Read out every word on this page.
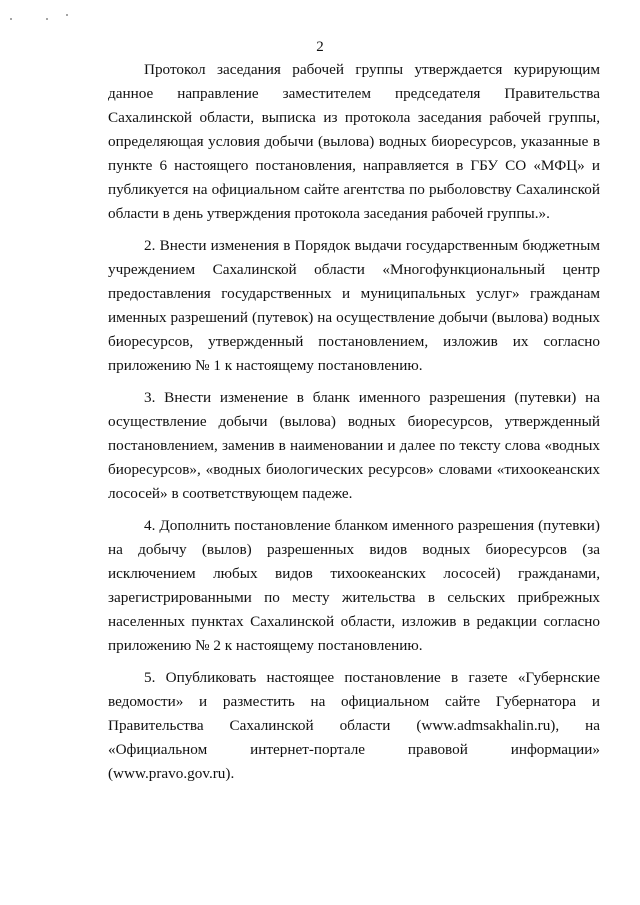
2

Протокол заседания рабочей группы утверждается курирующим данное направление заместителем председателя Правительства Сахалинской области, выписка из протокола заседания рабочей группы, определяющая условия добычи (вылова) водных биоресурсов, указанные в пункте 6 настоящего постановления, направляется в ГБУ СО «МФЦ» и публикуется на официальном сайте агентства по рыболовству Сахалинской области в день утверждения протокола заседания рабочей группы.».

2. Внести изменения в Порядок выдачи государственным бюджетным учреждением Сахалинской области «Многофункциональный центр предоставления государственных и муниципальных услуг» гражданам именных разрешений (путевок) на осуществление добычи (вылова) водных биоресурсов, утвержденный постановлением, изложив их согласно приложению № 1 к настоящему постановлению.

3. Внести изменение в бланк именного разрешения (путевки) на осуществление добычи (вылова) водных биоресурсов, утвержденный постановлением, заменив в наименовании и далее по тексту слова «водных биоресурсов», «водных биологических ресурсов» словами «тихоокеанских лососей» в соответствующем падеже.

4. Дополнить постановление бланком именного разрешения (путевки) на добычу (вылов) разрешенных видов водных биоресурсов (за исключением любых видов тихоокеанских лососей) гражданами, зарегистрированными по месту жительства в сельских прибрежных населенных пунктах Сахалинской области, изложив в редакции согласно приложению № 2 к настоящему постановлению.

5. Опубликовать настоящее постановление в газете «Губернские ведомости» и разместить на официальном сайте Губернатора и Правительства Сахалинской области (www.admsakhalin.ru), на «Официальном интернет-портале правовой информации» (www.pravo.gov.ru).
